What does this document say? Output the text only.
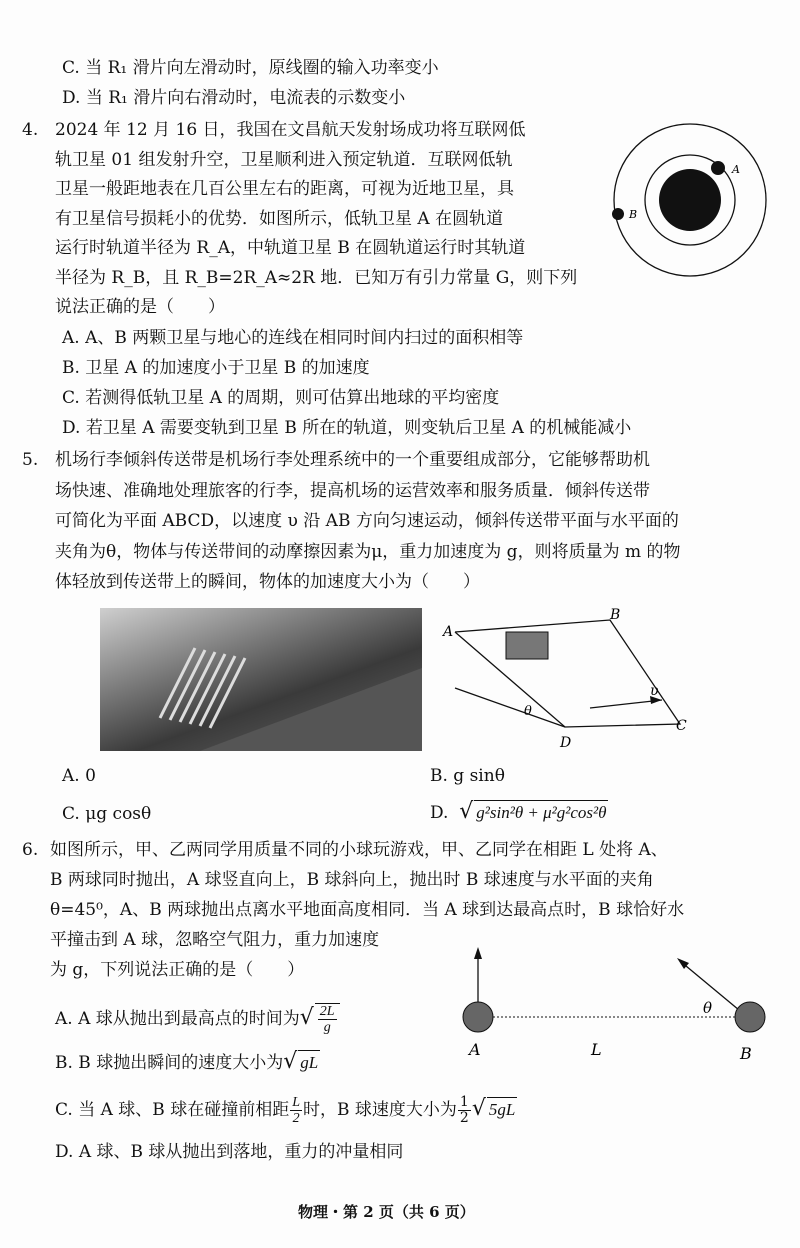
C. 当 R₁ 滑片向左滑动时，原线圈的输入功率变小
D. 当 R₁ 滑片向右滑动时，电流表的示数变小
4. 2024 年 12 月 16 日，我国在文昌航天发射场成功将互联网低
轨卫星 01 组发射升空，卫星顺利进入预定轨道．互联网低轨
卫星一般距地表在几百公里左右的距离，可视为近地卫星，具
有卫星信号损耗小的优势．如图所示，低轨卫星 A 在圆轨道
运行时轨道半径为 R_A，中轨道卫星 B 在圆轨道运行时其轨道
半径为 R_B，且 R_B=2R_A≈2R 地．已知万有引力常量 G，则下列
说法正确的是（　　）
A. A、B 两颗卫星与地心的连线在相同时间内扫过的面积相等
B. 卫星 A 的加速度小于卫星 B 的加速度
C. 若测得低轨卫星 A 的周期，则可估算出地球的平均密度
D. 若卫星 A 需要变轨到卫星 B 所在的轨道，则变轨后卫星 A 的机械能减小
A
B
5. 机场行李倾斜传送带是机场行李处理系统中的一个重要组成部分，它能够帮助机
场快速、准确地处理旅客的行李，提高机场的运营效率和服务质量．倾斜传送带
可简化为平面 ABCD，以速度 υ 沿 AB 方向匀速运动，倾斜传送带平面与水平面的
夹角为θ，物体与传送带间的动摩擦因素为μ，重力加速度为 g，则将质量为 m 的物
体轻放到传送带上的瞬间，物体的加速度大小为（　　）
A
B
C
D
υ
θ
A. 0	B. g sinθ
C. μg cosθ	D. √ g²sin²θ + μ²g²cos²θ
6. 如图所示，甲、乙两同学用质量不同的小球玩游戏，甲、乙同学在相距 L 处将 A、
B 两球同时抛出，A 球竖直向上，B 球斜向上，抛出时 B 球速度与水平面的夹角
θ=45⁰，A、B 两球抛出点离水平地面高度相同．当 A 球到达最高点时，B 球恰好水
平撞击到 A 球，忽略空气阻力，重力加速度
为 g，下列说法正确的是（　　）
A	L	B
θ
A. A 球从抛出到最高点的时间为√ $\frac{2L}{g}$
B. B 球抛出瞬间的速度大小为√ gL
C. 当 A 球、B 球在碰撞前相距 $\frac{L}{2}$ 时，B 球速度大小为 $\frac{1}{2}$ √ 5gL
D. A 球、B 球从抛出到落地，重力的冲量相同
物理・第 2 页（共 6 页）
